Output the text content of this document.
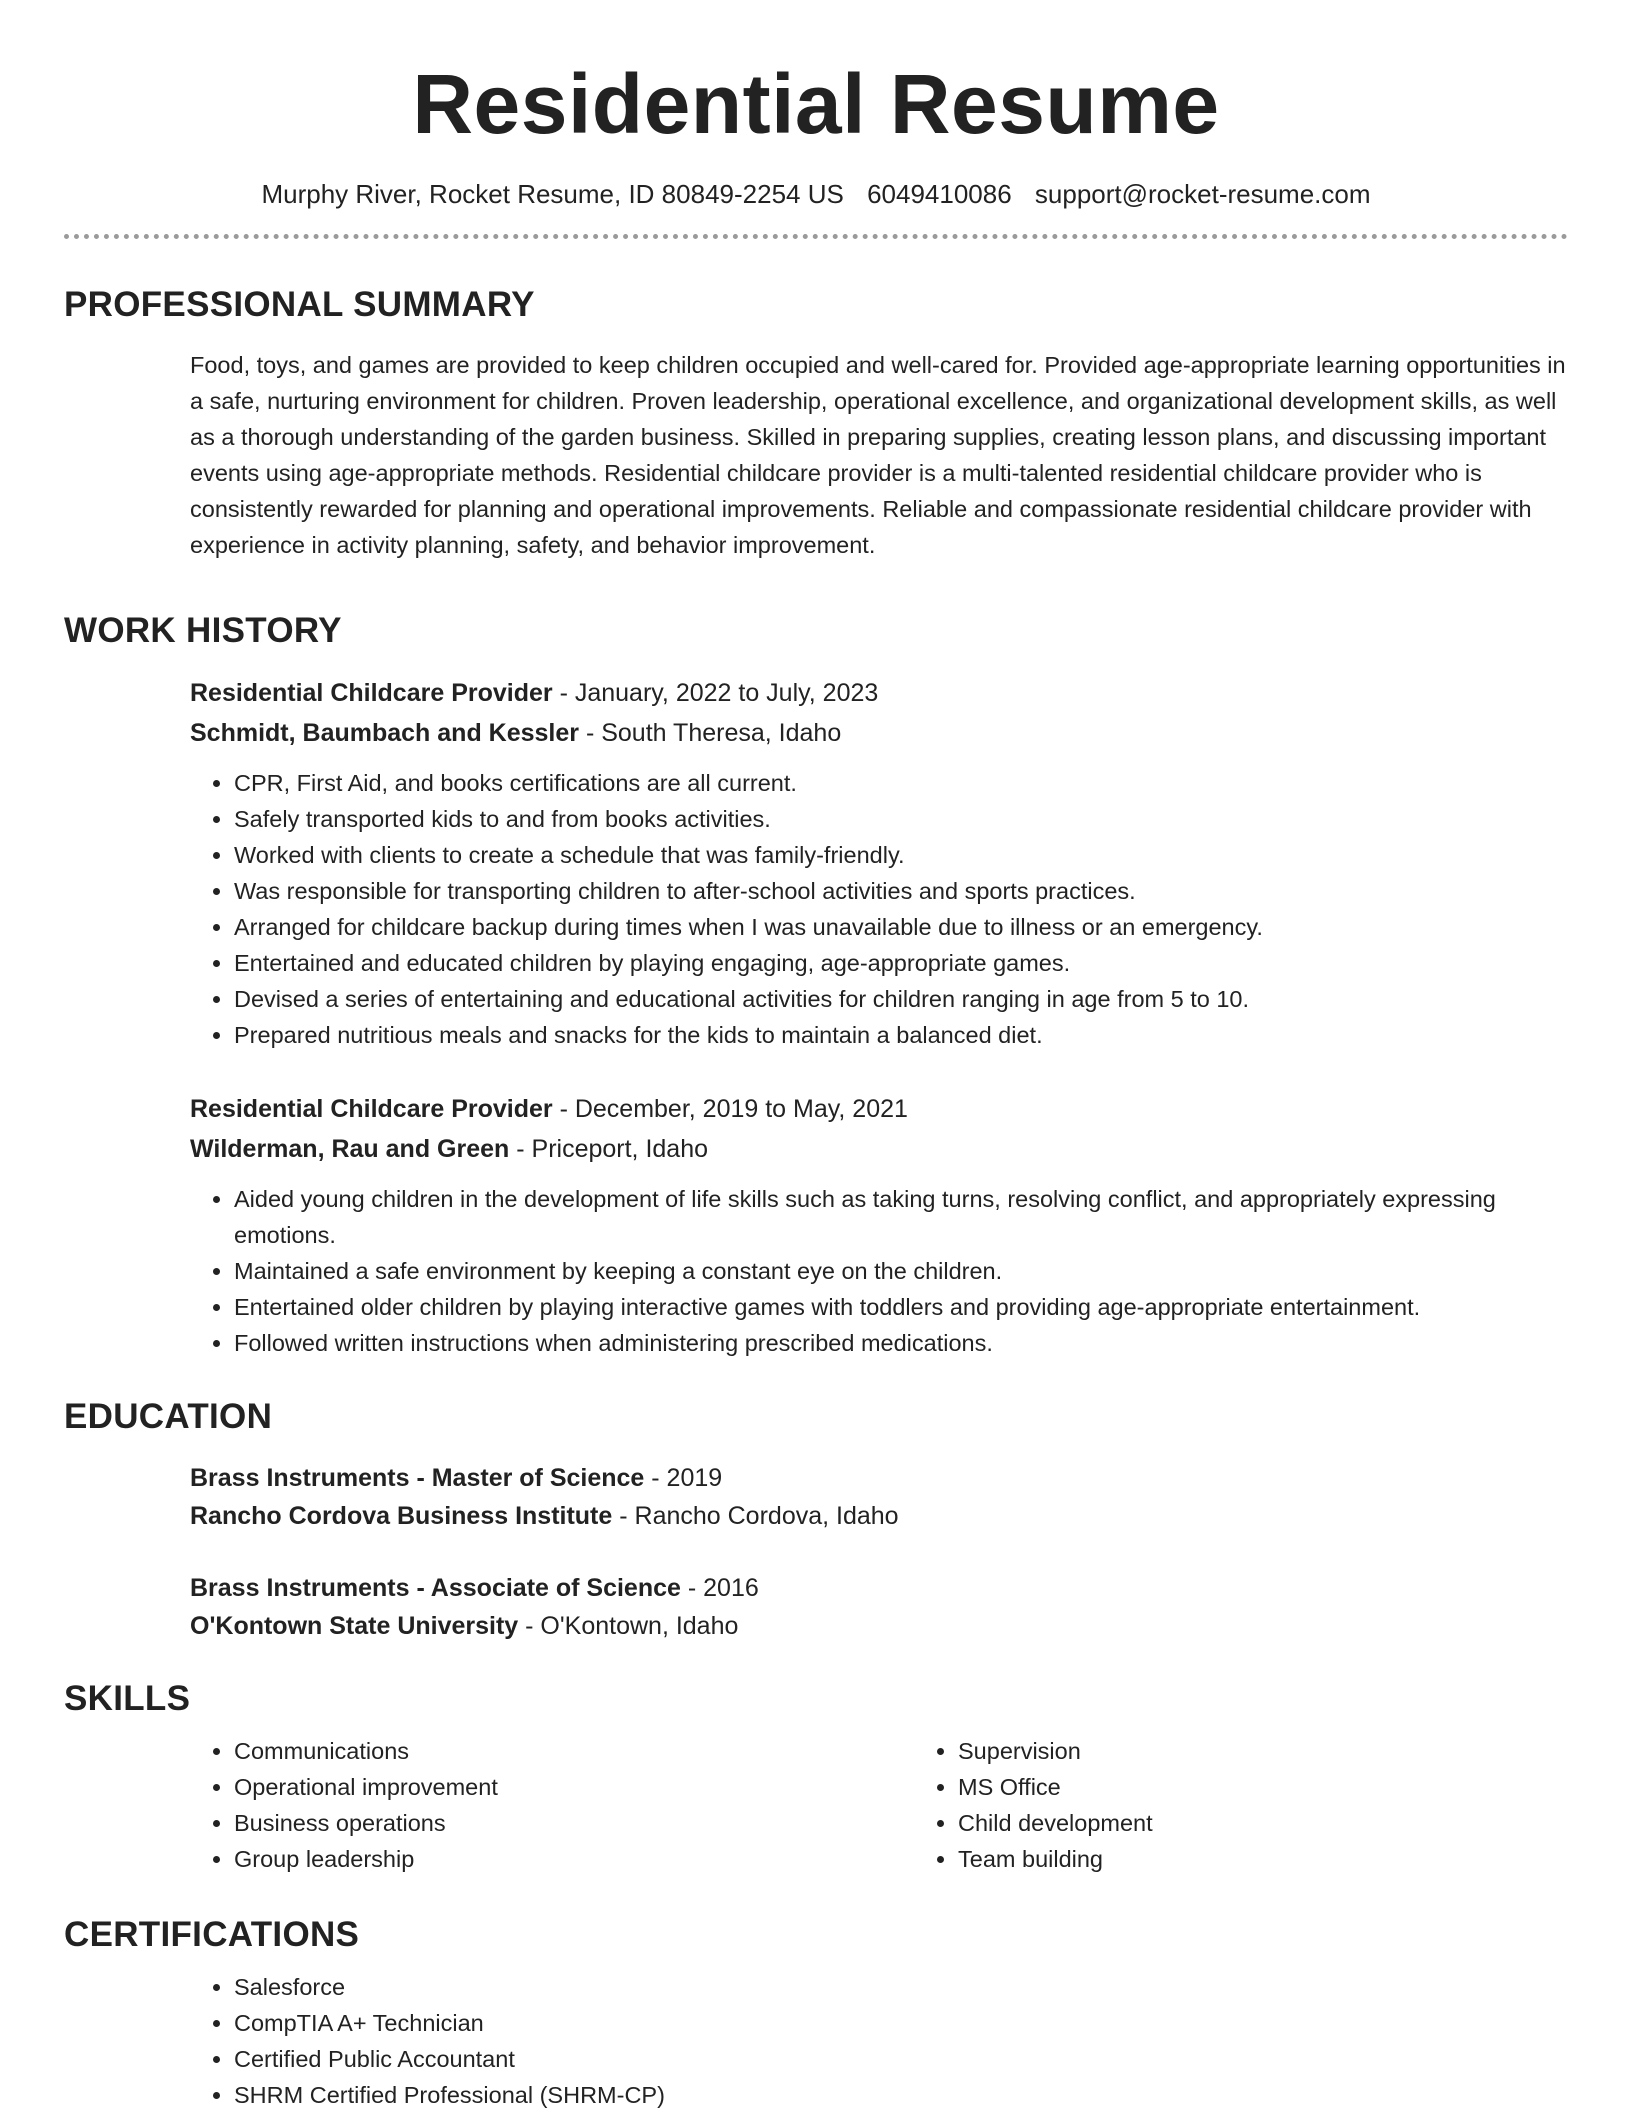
Residential Resume
Murphy River, Rocket Resume, ID 80849-2254 US 6049410086 support@rocket-resume.com
PROFESSIONAL SUMMARY

Food, toys, and games are provided to keep children occupied and well-cared for. Provided age-appropriate learning opportunities in a safe, nurturing environment for children. Proven leadership, operational excellence, and organizational development skills, as well as a thorough understanding of the garden business. Skilled in preparing supplies, creating lesson plans, and discussing important events using age-appropriate methods. Residential childcare provider is a multi-talented residential childcare provider who is consistently rewarded for planning and operational improvements. Reliable and compassionate residential childcare provider with experience in activity planning, safety, and behavior improvement.

WORK HISTORY
Residential Childcare Provider - January, 2022 to July, 2023
Schmidt, Baumbach and Kessler - South Theresa, Idaho
• CPR, First Aid, and books certifications are all current.
• Safely transported kids to and from books activities.
• Worked with clients to create a schedule that was family-friendly.
• Was responsible for transporting children to after-school activities and sports practices.
• Arranged for childcare backup during times when I was unavailable due to illness or an emergency.
• Entertained and educated children by playing engaging, age-appropriate games.
• Devised a series of entertaining and educational activities for children ranging in age from 5 to 10.
• Prepared nutritious meals and snacks for the kids to maintain a balanced diet.
Residential Childcare Provider - December, 2019 to May, 2021
Wilderman, Rau and Green - Priceport, Idaho
• Aided young children in the development of life skills such as taking turns, resolving conflict, and appropriately expressing emotions.
• Maintained a safe environment by keeping a constant eye on the children.
• Entertained older children by playing interactive games with toddlers and providing age-appropriate entertainment.
• Followed written instructions when administering prescribed medications.
EDUCATION
Brass Instruments - Master of Science - 2019
Rancho Cordova Business Institute - Rancho Cordova, Idaho
Brass Instruments - Associate of Science - 2016
O'Kontown State University - O'Kontown, Idaho
SKILLS
• Communications
• Operational improvement
• Business operations
• Group leadership
• Supervision
• MS Office
• Child development
• Team building
CERTIFICATIONS
• Salesforce
• CompTIA A+ Technician
• Certified Public Accountant
• SHRM Certified Professional (SHRM-CP)
